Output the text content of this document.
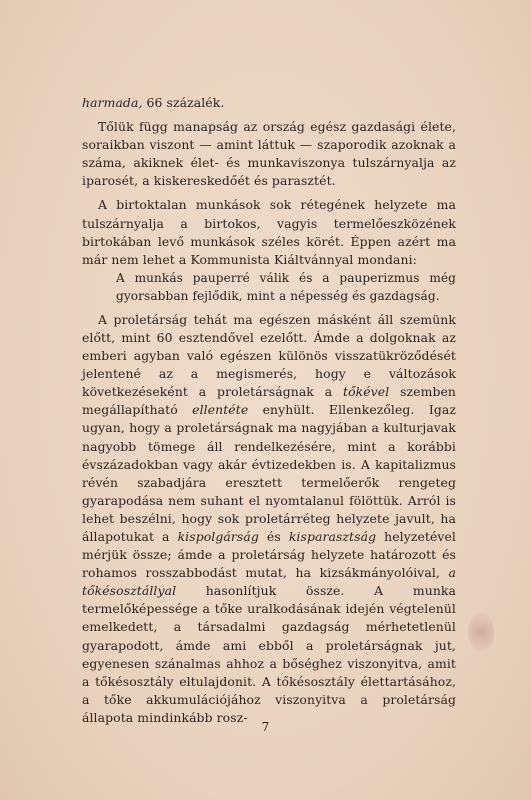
harmada, 66 százalék.

Tőlük függ manapság az ország egész gazdasági élete, soraikban viszont — amint láttuk — szaporodik azoknak a száma, akiknek élet- és munkaviszonya tulszárnyalja az iparosét, a kiskereskedőét és parasztét.

A birtoktalan munkások sok rétegének helyzete ma tulszárnyalja a birtokos, vagyis termelőeszközének birtokában levő munkások széles körét. Éppen azért ma már nem lehet a Kommunista Kiáltvánnyal mondani:

A munkás pauperré válik és a pauperizmus még gyorsabban fejlődik, mint a népesség és gazdagság.

A proletárság tehát ma egészen másként áll szemünk előtt, mint 60 esztendővel ezelőtt. Ámde a dolgoknak az emberi agyban való egészen különös visszatükröződését jelentené az a megismerés, hogy e változások következéseként a proletárságnak a tőkével szemben megállapítható ellentéte enyhült. Ellenkezőleg. Igaz ugyan, hogy a proletárságnak ma nagyjában a kulturjavak nagyobb tömege áll rendelkezésére, mint a korábbi évszázadokban vagy akár évtizedekben is. A kapitalizmus révén szabadjára eresztett termelőerők rengeteg gyarapodása nem suhant el nyomtalanul fölöttük. Arról is lehet beszélni, hogy sok proletárréteg helyzete javult, ha állapotukat a kispolgárság és kisparasztság helyzetével mérjük össze; ámde a proletárság helyzete határozott és rohamos rosszabbodást mutat, ha kizsákmányolóival, a tőkésosztállyal hasonlítjuk össze. A munka termelőképessége a tőke uralkodásának idején végtelenül emelkedett, a társadalmi gazdagság mérhetetlenül gyarapodott, ámde ami ebből a proletárságnak jut, egyenesen szánalmas ahhoz a bőséghez viszonyitva, amit a tőkésosztály eltulajdonit. A tőkésosztály élettartásához, a tőke akkumulációjához viszonyitva a proletárság állapota mindinkább rosz-

7
